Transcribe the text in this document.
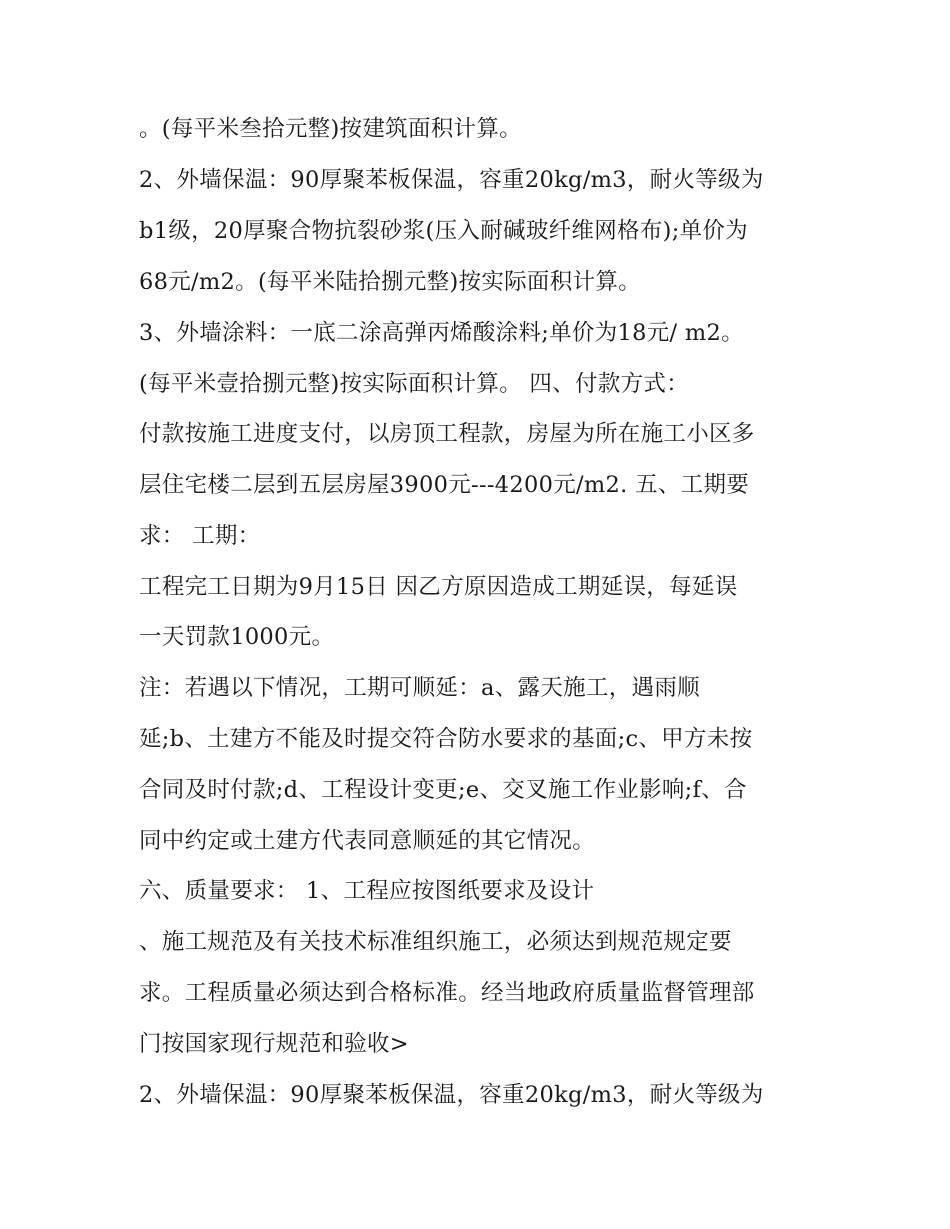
。(每平米叁拾元整)按建筑面积计算。
2、外墙保温：90厚聚苯板保温，容重20kg/m3，耐火等级为
b1级，20厚聚合物抗裂砂浆(压入耐碱玻纤维网格布);单价为
68元/m2。(每平米陆拾捌元整)按实际面积计算。
3、外墙涂料：一底二涂高弹丙烯酸涂料;单价为18元/ m2。
(每平米壹拾捌元整)按实际面积计算。 四、付款方式：
付款按施工进度支付，以房顶工程款，房屋为所在施工小区多
层住宅楼二层到五层房屋3900元---4200元/m2. 五、工期要
求： 工期：
工程完工日期为9月15日 因乙方原因造成工期延误，每延误
一天罚款1000元。
注：若遇以下情况，工期可顺延：a、露天施工，遇雨顺
延;b、土建方不能及时提交符合防水要求的基面;c、甲方未按
合同及时付款;d、工程设计变更;e、交叉施工作业影响;f、合
同中约定或土建方代表同意顺延的其它情况。
六、质量要求： 1、工程应按图纸要求及设计
、施工规范及有关技术标准组织施工，必须达到规范规定要
求。工程质量必须达到合格标准。经当地政府质量监督管理部
门按国家现行规范和验收>
2、外墙保温：90厚聚苯板保温，容重20kg/m3，耐火等级为
